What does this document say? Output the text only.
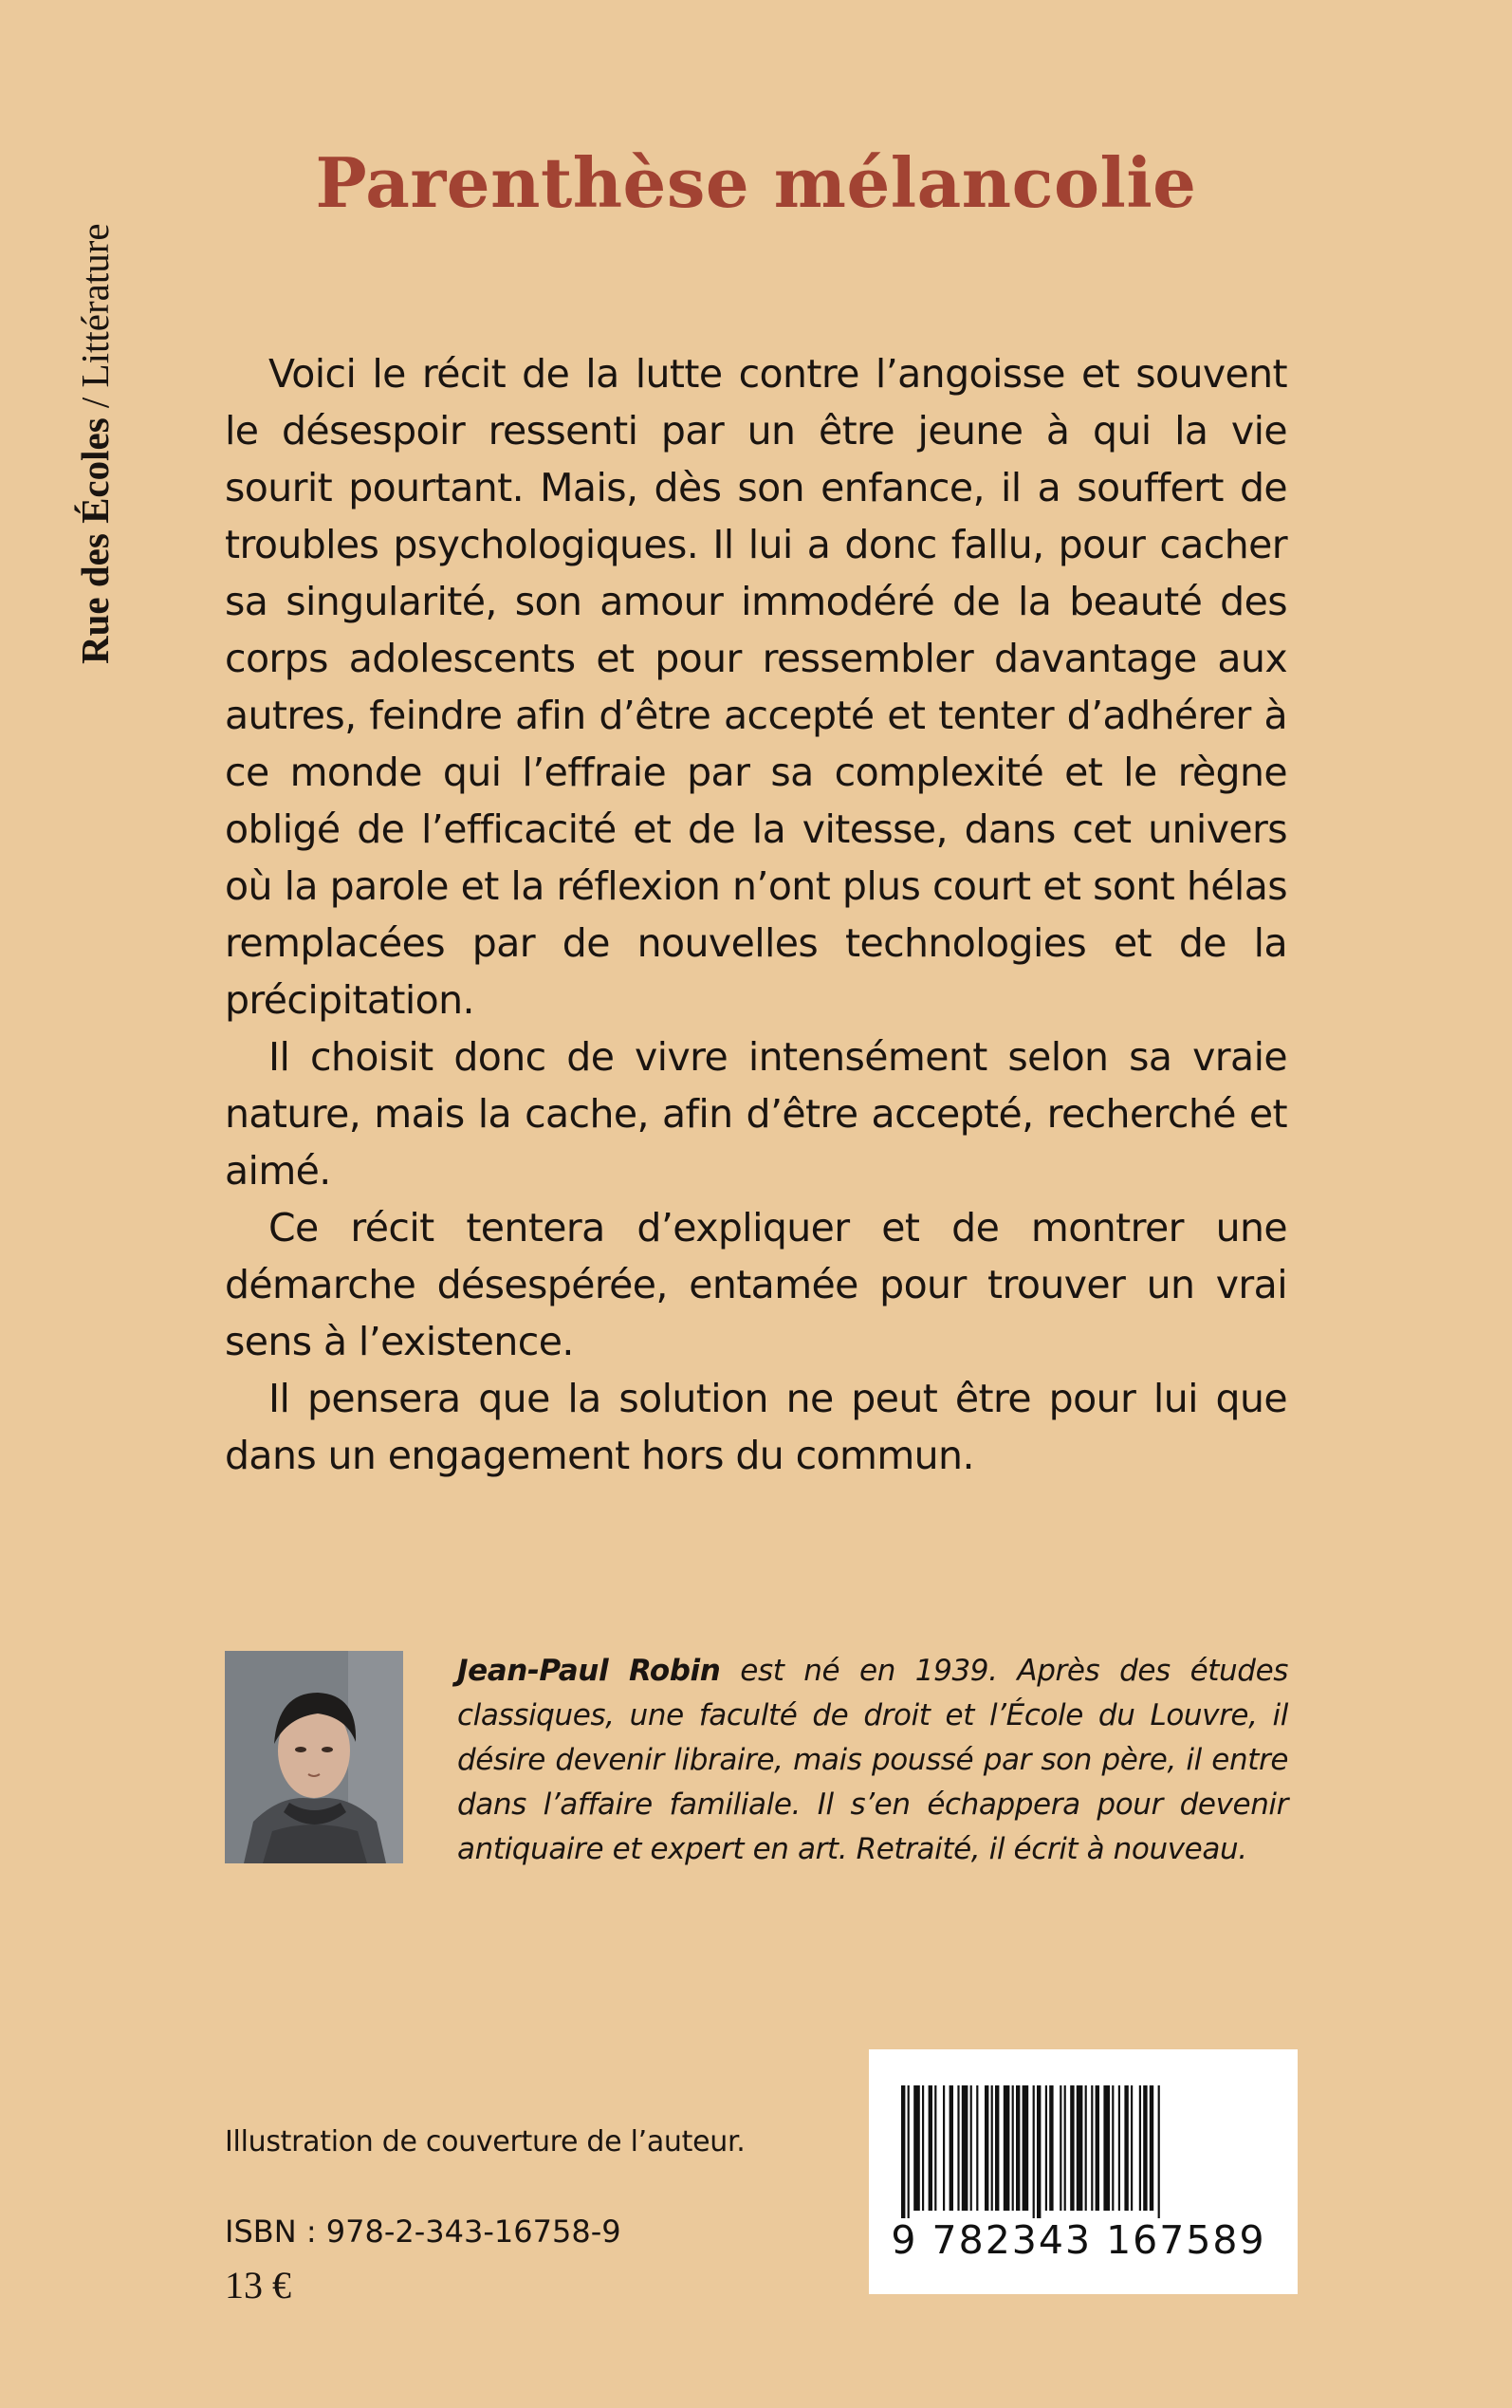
Rue des Écoles / Littérature
Parenthèse mélancolie

Voici le récit de la lutte contre l’angoisse et souvent le désespoir ressenti par un être jeune à qui la vie sourit pourtant. Mais, dès son enfance, il a souffert de troubles psychologiques. Il lui a donc fallu, pour cacher sa singularité, son amour immodéré de la beauté des corps adolescents et pour ressembler davantage aux autres, feindre afin d’être accepté et tenter d’adhérer à ce monde qui l’effraie par sa complexité et le règne obligé de l’efficacité et de la vitesse, dans cet univers où la parole et la réflexion n’ont plus court et sont hélas remplacées par de nouvelles technologies et de la précipitation.

Il choisit donc de vivre intensément selon sa vraie nature, mais la cache, afin d’être accepté, recherché et aimé.

Ce récit tentera d’expliquer et de montrer une démarche désespérée, entamée pour trouver un vrai sens à l’existence.

Il pensera que la solution ne peut être pour lui que dans un engagement hors du commun.

Jean-Paul Robin est né en 1939. Après des études classiques, une faculté de droit et l’École du Louvre, il désire devenir libraire, mais poussé par son père, il entre dans l’affaire familiale. Il s’en échappera pour devenir antiquaire et expert en art. Retraité, il écrit à nouveau.
Illustration de couverture de l’auteur.
ISBN : 978-2-343-16758-9
13 €
9 782343 167589
